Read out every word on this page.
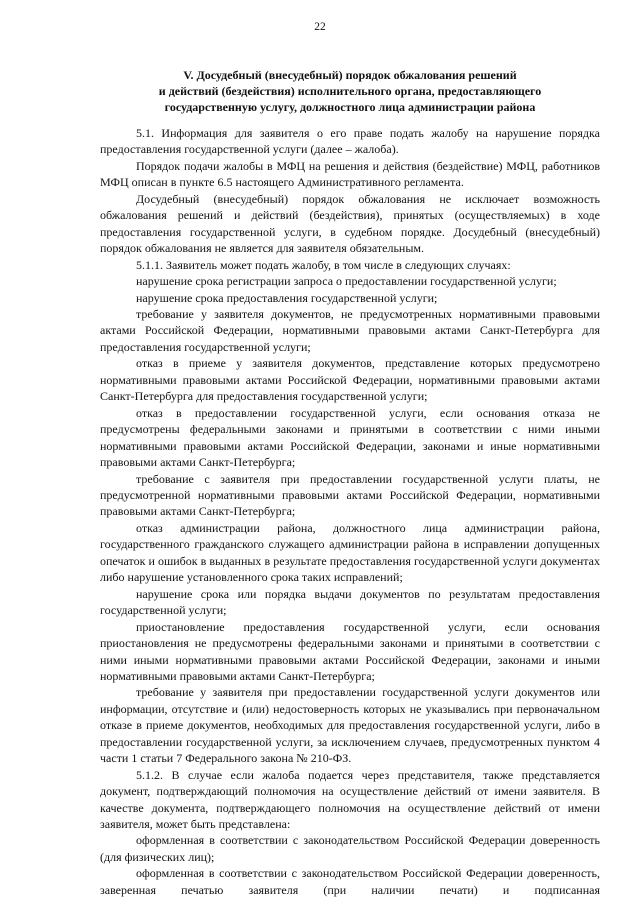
22
V. Досудебный (внесудебный) порядок обжалования решений
и действий (бездействия) исполнительного органа, предоставляющего
государственную услугу, должностного лица администрации района

5.1. Информация для заявителя о его праве подать жалобу на нарушение порядка предоставления государственной услуги (далее – жалоба).

Порядок подачи жалобы в МФЦ на решения и действия (бездействие) МФЦ, работников МФЦ описан в пункте 6.5 настоящего Административного регламента.

Досудебный (внесудебный) порядок обжалования не исключает возможность обжалования решений и действий (бездействия), принятых (осуществляемых) в ходе предоставления государственной услуги, в судебном порядке. Досудебный (внесудебный) порядок обжалования не является для заявителя обязательным.

5.1.1. Заявитель может подать жалобу, в том числе в следующих случаях:

нарушение срока регистрации запроса о предоставлении государственной услуги;

нарушение срока предоставления государственной услуги;

требование у заявителя документов, не предусмотренных нормативными правовыми актами Российской Федерации, нормативными правовыми актами Санкт-Петербурга для предоставления государственной услуги;

отказ в приеме у заявителя документов, представление которых предусмотрено нормативными правовыми актами Российской Федерации, нормативными правовыми актами Санкт-Петербурга для предоставления государственной услуги;

отказ в предоставлении государственной услуги, если основания отказа не предусмотрены федеральными законами и принятыми в соответствии с ними иными нормативными правовыми актами Российской Федерации, законами и иные нормативными правовыми актами Санкт-Петербурга;

требование с заявителя при предоставлении государственной услуги платы, не предусмотренной нормативными правовыми актами Российской Федерации, нормативными правовыми актами Санкт-Петербурга;

отказ администрации района, должностного лица администрации района, государственного гражданского служащего администрации района в исправлении допущенных опечаток и ошибок в выданных в результате предоставления государственной услуги документах либо нарушение установленного срока таких исправлений;

нарушение срока или порядка выдачи документов по результатам предоставления государственной услуги;

приостановление предоставления государственной услуги, если основания приостановления не предусмотрены федеральными законами и принятыми в соответствии с ними иными нормативными правовыми актами Российской Федерации, законами и иными нормативными правовыми актами Санкт-Петербурга;

требование у заявителя при предоставлении государственной услуги документов или информации, отсутствие и (или) недостоверность которых не указывались при первоначальном отказе в приеме документов, необходимых для предоставления государственной услуги, либо в предоставлении государственной услуги, за исключением случаев, предусмотренных пунктом 4 части 1 статьи 7 Федерального закона № 210-ФЗ.

5.1.2. В случае если жалоба подается через представителя, также представляется документ, подтверждающий полномочия на осуществление действий от имени заявителя. В качестве документа, подтверждающего полномочия на осуществление действий от имени заявителя, может быть представлена:

оформленная в соответствии с законодательством Российской Федерации доверенность (для физических лиц);

оформленная в соответствии с законодательством Российской Федерации доверенность, заверенная печатью заявителя (при наличии печати) и подписанная
